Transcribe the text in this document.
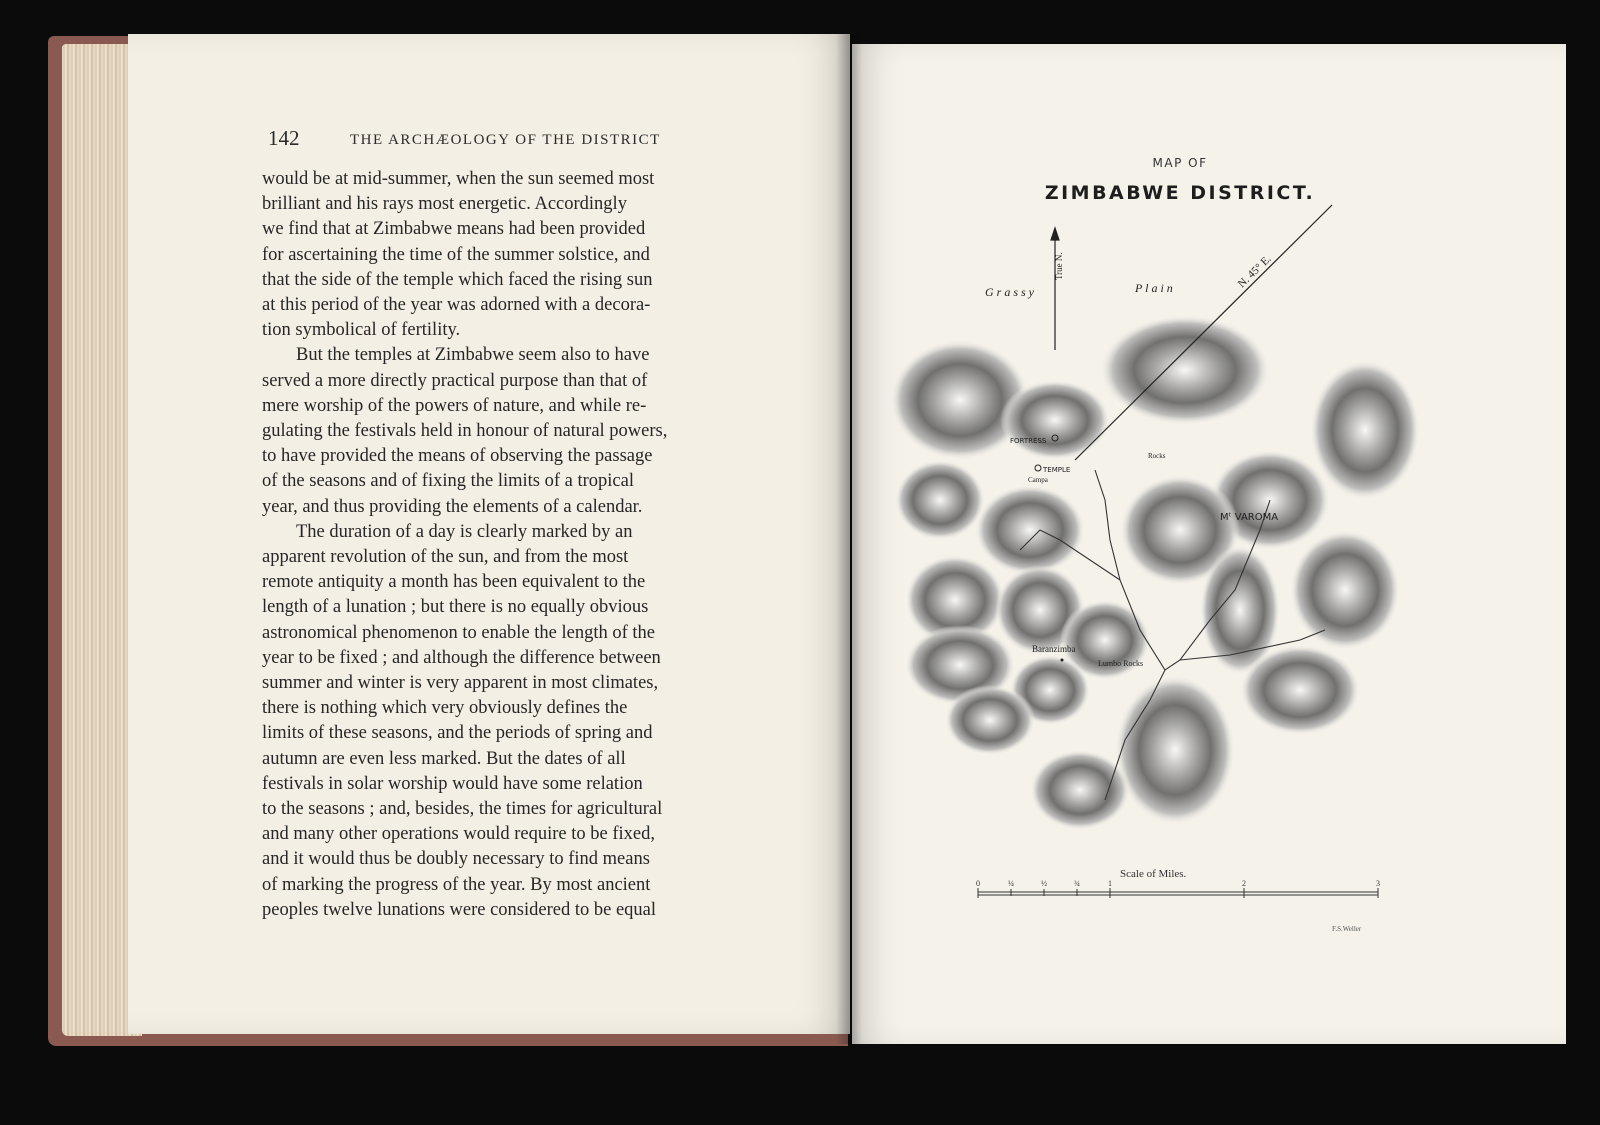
142	THE ARCHÆOLOGY OF THE DISTRICT

would be at mid-summer, when the sun seemed most
brilliant and his rays most energetic. Accordingly
we find that at Zimbabwe means had been provided
for ascertaining the time of the summer solstice, and
that the side of the temple which faced the rising sun
at this period of the year was adorned with a decora-
tion symbolical of fertility.

But the temples at Zimbabwe seem also to have
served a more directly practical purpose than that of
mere worship of the powers of nature, and while re-
gulating the festivals held in honour of natural powers,
to have provided the means of observing the passage
of the seasons and of fixing the limits of a tropical
year, and thus providing the elements of a calendar.

The duration of a day is clearly marked by an
apparent revolution of the sun, and from the most
remote antiquity a month has been equivalent to the
length of a lunation ; but there is no equally obvious
astronomical phenomenon to enable the length of the
year to be fixed ; and although the difference between
summer and winter is very apparent in most climates,
there is nothing which very obviously defines the
limits of these seasons, and the periods of spring and
autumn are even less marked. But the dates of all
festivals in solar worship would have some relation
to the seasons ; and, besides, the times for agricultural
and many other operations would require to be fixed,
and it would thus be doubly necessary to find means
of marking the progress of the year. By most ancient
peoples twelve lunations were considered to be equal

MAP OF
ZIMBABWE DISTRICT.
True N.	N. 45° E.
G r a s s y	P l a i n
FORTRESS
TEMPLE
Campa
Rocks
Mᵗ VAROMA
Baranzimba
Lumbo Rocks
Scale of Miles.
0	¼	½	¾	1	2	3
F.S.Weller
